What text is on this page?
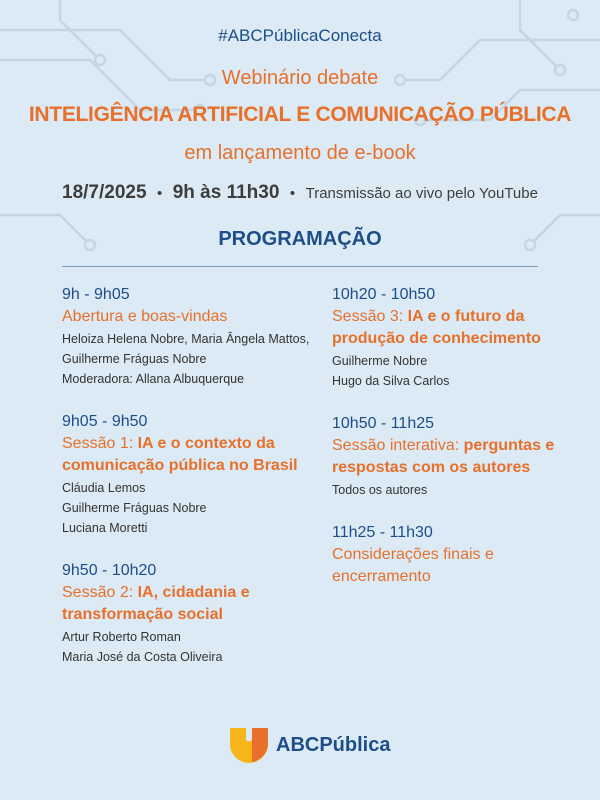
#ABCPúblicaConecta
Webinário debate
INTELIGÊNCIA ARTIFICIAL E COMUNICAÇÃO PÚBLICA
em lançamento de e-book
18/7/2025 • 9h às 11h30 • Transmissão ao vivo pelo YouTube
PROGRAMAÇÃO
9h - 9h05
Abertura e boas-vindas
Heloiza Helena Nobre, Maria Ângela Mattos,
Guilherme Fráguas Nobre
Moderadora: Allana Albuquerque
9h05 - 9h50
Sessão 1: IA e o contexto da comunicação pública no Brasil
Cláudia Lemos
Guilherme Fráguas Nobre
Luciana Moretti
9h50 - 10h20
Sessão 2: IA, cidadania e transformação social
Artur Roberto Roman
Maria José da Costa Oliveira
10h20 - 10h50
Sessão 3: IA e o futuro da produção de conhecimento
Guilherme Nobre
Hugo da Silva Carlos
10h50 - 11h25
Sessão interativa: perguntas e respostas com os autores
Todos os autores
11h25 - 11h30
Considerações finais e encerramento
ABCPública
